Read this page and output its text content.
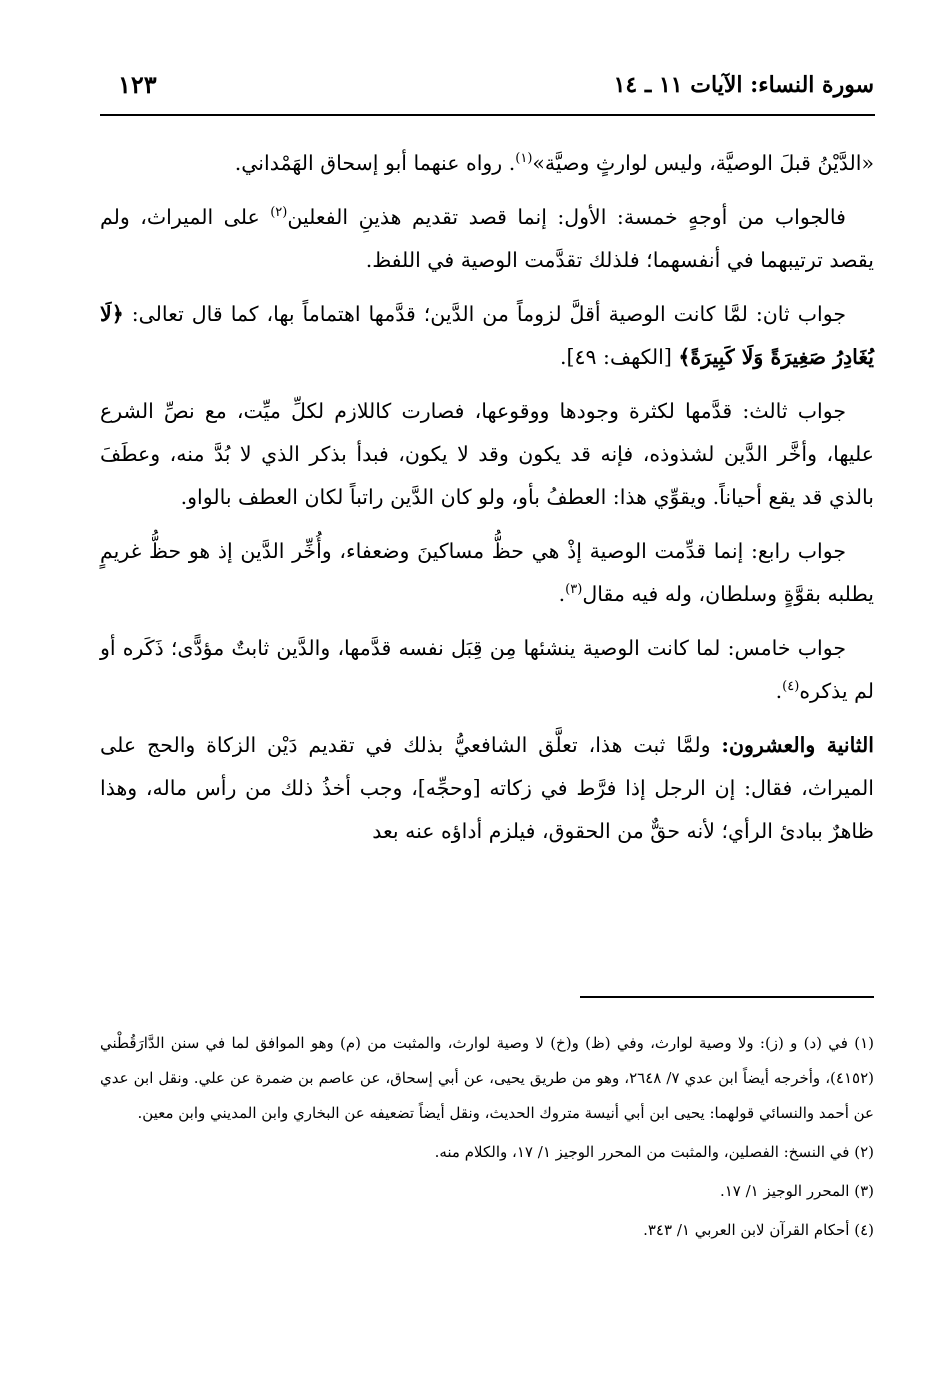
سورة النساء: الآيات ١١ ـ ١٤
١٢٣

«الدَّيْنُ قبلَ الوصيَّة، وليس لوارثٍ وصيَّة»$^{(١)}$. رواه عنهما أبو إسحاق الهَمْداني.

فالجواب من أوجهٍ خمسة: الأول: إنما قصد تقديم هذينِ الفعلين$^{(٢)}$ على الميراث، ولم يقصد ترتيبهما في أنفسهما؛ فلذلك تقدَّمت الوصية في اللفظ.

جواب ثان: لمَّا كانت الوصية أقلَّ لزوماً من الدَّين؛ قدَّمها اهتماماً بها، كما قال تعالى: ﴿لَا يُغَادِرُ صَغِيرَةً وَلَا كَبِيرَةً﴾ [الكهف: ٤٩].

جواب ثالث: قدَّمها لكثرة وجودها ووقوعها، فصارت كاللازم لكلِّ ميِّت، مع نصِّ الشرع عليها، وأخَّر الدَّين لشذوذه، فإنه قد يكون وقد لا يكون، فبدأ بذكر الذي لا بُدَّ منه، وعطَفَ بالذي قد يقع أحياناً. ويقوِّي هذا: العطفُ بأو، ولو كان الدَّين راتباً لكان العطف بالواو.

جواب رابع: إنما قدِّمت الوصية إذْ هي حظُّ مساكينَ وضعفاء، وأُخِّر الدَّين إذ هو حظُّ غريمٍ يطلبه بقوَّةٍ وسلطان، وله فيه مقال$^{(٣)}$.

جواب خامس: لما كانت الوصية ينشئها مِن قِبَل نفسه قدَّمها، والدَّين ثابتٌ مؤدًّى؛ ذَكَره أو لم يذكره$^{(٤)}$.

الثانية والعشرون: ولمَّا ثبت هذا، تعلَّق الشافعيُّ بذلك في تقديم دَيْن الزكاة والحج على الميراث، فقال: إن الرجل إذا فرَّط في زكاته [وحجِّه]، وجب أخذُ ذلك من رأس ماله، وهذا ظاهرٌ ببادئ الرأي؛ لأنه حقٌّ من الحقوق، فيلزم أداؤه عنه بعد

(١) في (د) و (ز): ولا وصية لوارث، وفي (ظ) و(خ) لا وصية لوارث، والمثبت من (م) وهو الموافق لما في سنن الدَّارَقُطْني (٤١٥٢)، وأخرجه أيضاً ابن عدي ٧/ ٢٦٤٨، وهو من طريق يحيى، عن أبي إسحاق، عن عاصم بن ضمرة عن علي. ونقل ابن عدي عن أحمد والنسائي قولهما: يحيى ابن أبي أنيسة متروك الحديث، ونقل أيضاً تضعيفه عن البخاري وابن المديني وابن معين.

(٢) في النسخ: الفصلين، والمثبت من المحرر الوجيز ١/ ١٧، والكلام منه.

(٣) المحرر الوجيز ١/ ١٧.

(٤) أحكام القرآن لابن العربي ١/ ٣٤٣.
